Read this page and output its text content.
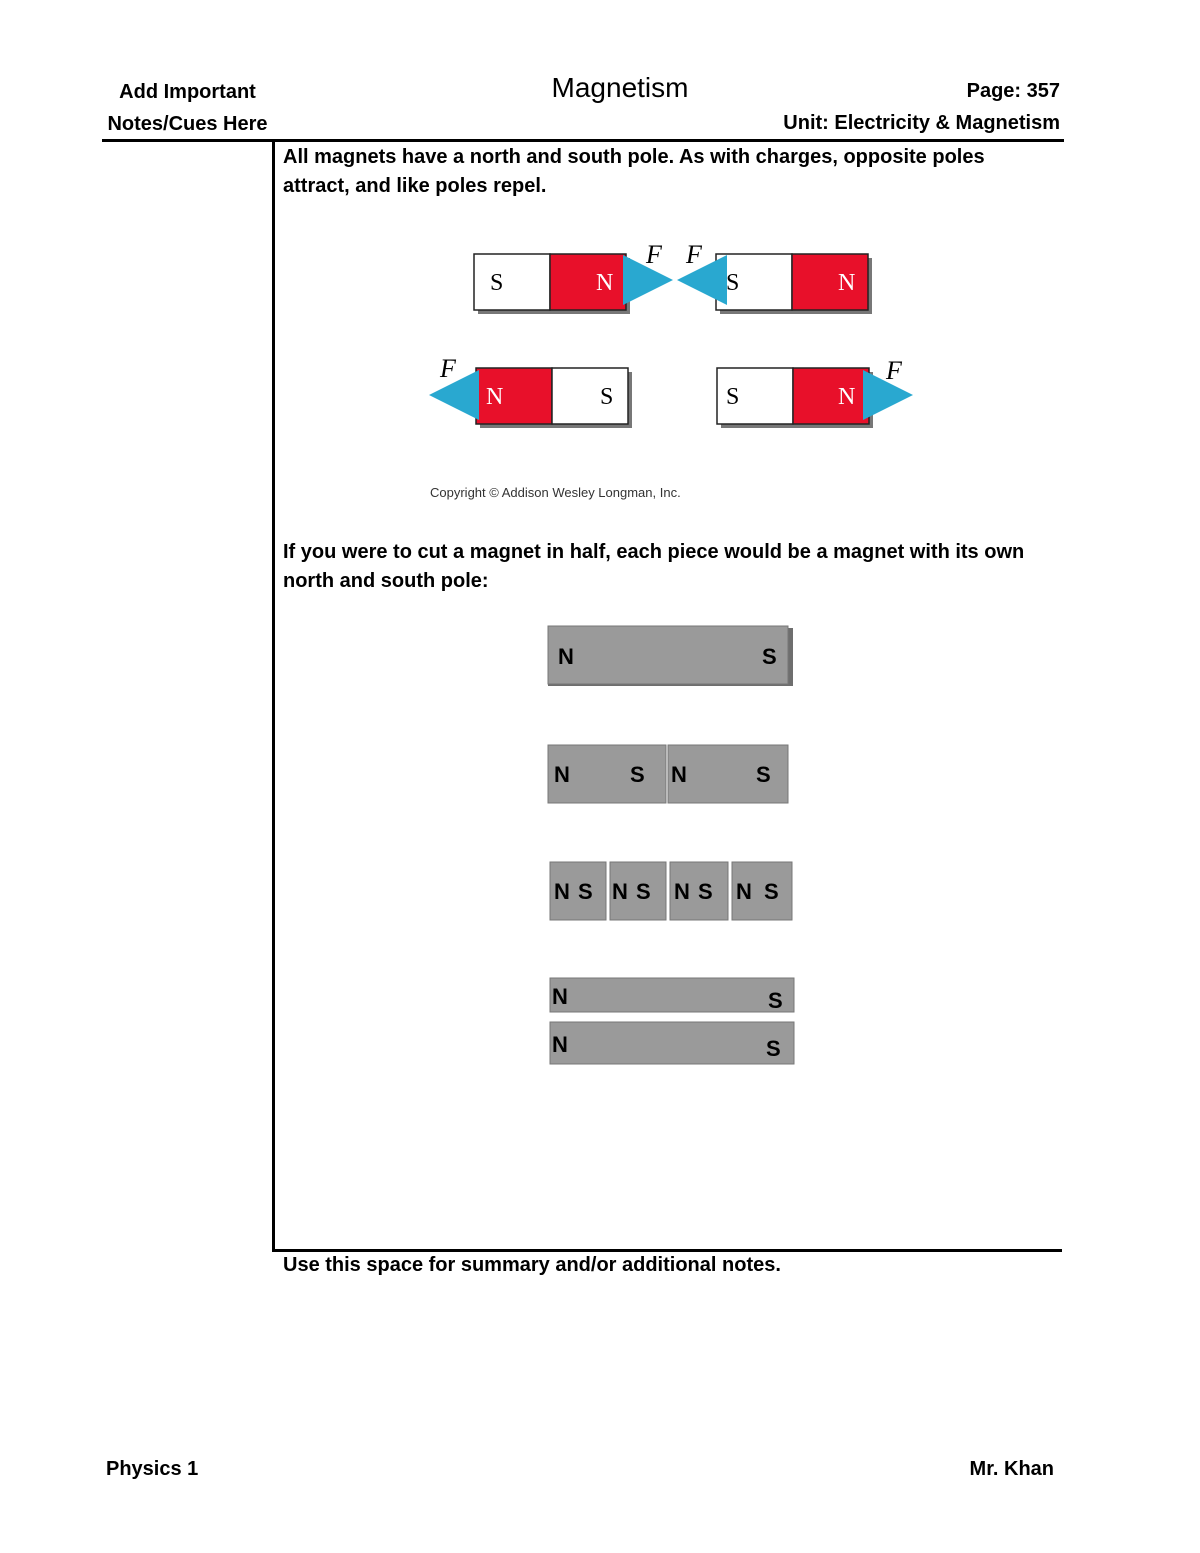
Add Important
Notes/Cues Here
Magnetism	Page: 357
Unit: Electricity & Magnetism
All magnets have a north and south pole. As with charges, opposite poles attract, and like poles repel.
S	N	S	N
F F
N	S	S	N
F	F
Copyright © Addison Wesley Longman, Inc.
If you were to cut a magnet in half, each piece would be a magnet with its own north and south pole:
N	S
N	S N	S
N S N S N S N S
N	S
N	S
Use this space for summary and/or additional notes.
Physics 1	Mr. Khan
